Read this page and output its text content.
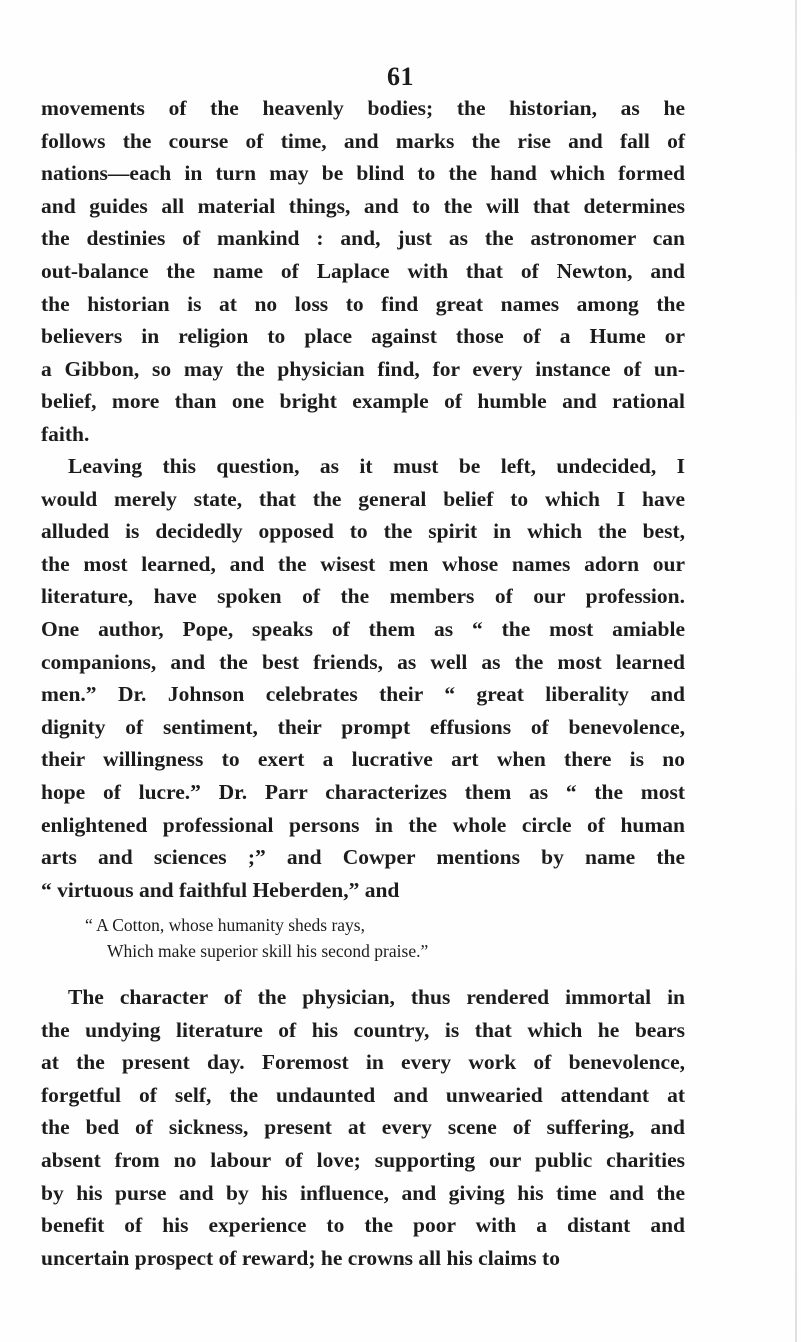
61
movements of the heavenly bodies; the historian, as he
follows the course of time, and marks the rise and fall of
nations—each in turn may be blind to the hand which formed
and guides all material things, and to the will that determines
the destinies of mankind : and, just as the astronomer can
out-balance the name of Laplace with that of Newton, and
the historian is at no loss to find great names among the
believers in religion to place against those of a Hume or
a Gibbon, so may the physician find, for every instance of un-
belief, more than one bright example of humble and rational
faith.
Leaving this question, as it must be left, undecided, I
would merely state, that the general belief to which I have
alluded is decidedly opposed to the spirit in which the best,
the most learned, and the wisest men whose names adorn our
literature, have spoken of the members of our profession.
One author, Pope, speaks of them as “ the most amiable
companions, and the best friends, as well as the most learned
men.” Dr. Johnson celebrates their “ great liberality and
dignity of sentiment, their prompt effusions of benevolence,
their willingness to exert a lucrative art when there is no
hope of lucre.” Dr. Parr characterizes them as “ the most
enlightened professional persons in the whole circle of human
arts and sciences ;” and Cowper mentions by name the
“ virtuous and faithful Heberden,” and
“ A Cotton, whose humanity sheds rays,
Which make superior skill his second praise.”
The character of the physician, thus rendered immortal in
the undying literature of his country, is that which he bears
at the present day. Foremost in every work of benevolence,
forgetful of self, the undaunted and unwearied attendant at
the bed of sickness, present at every scene of suffering, and
absent from no labour of love; supporting our public charities
by his purse and by his influence, and giving his time and the
benefit of his experience to the poor with a distant and
uncertain prospect of reward; he crowns all his claims to
